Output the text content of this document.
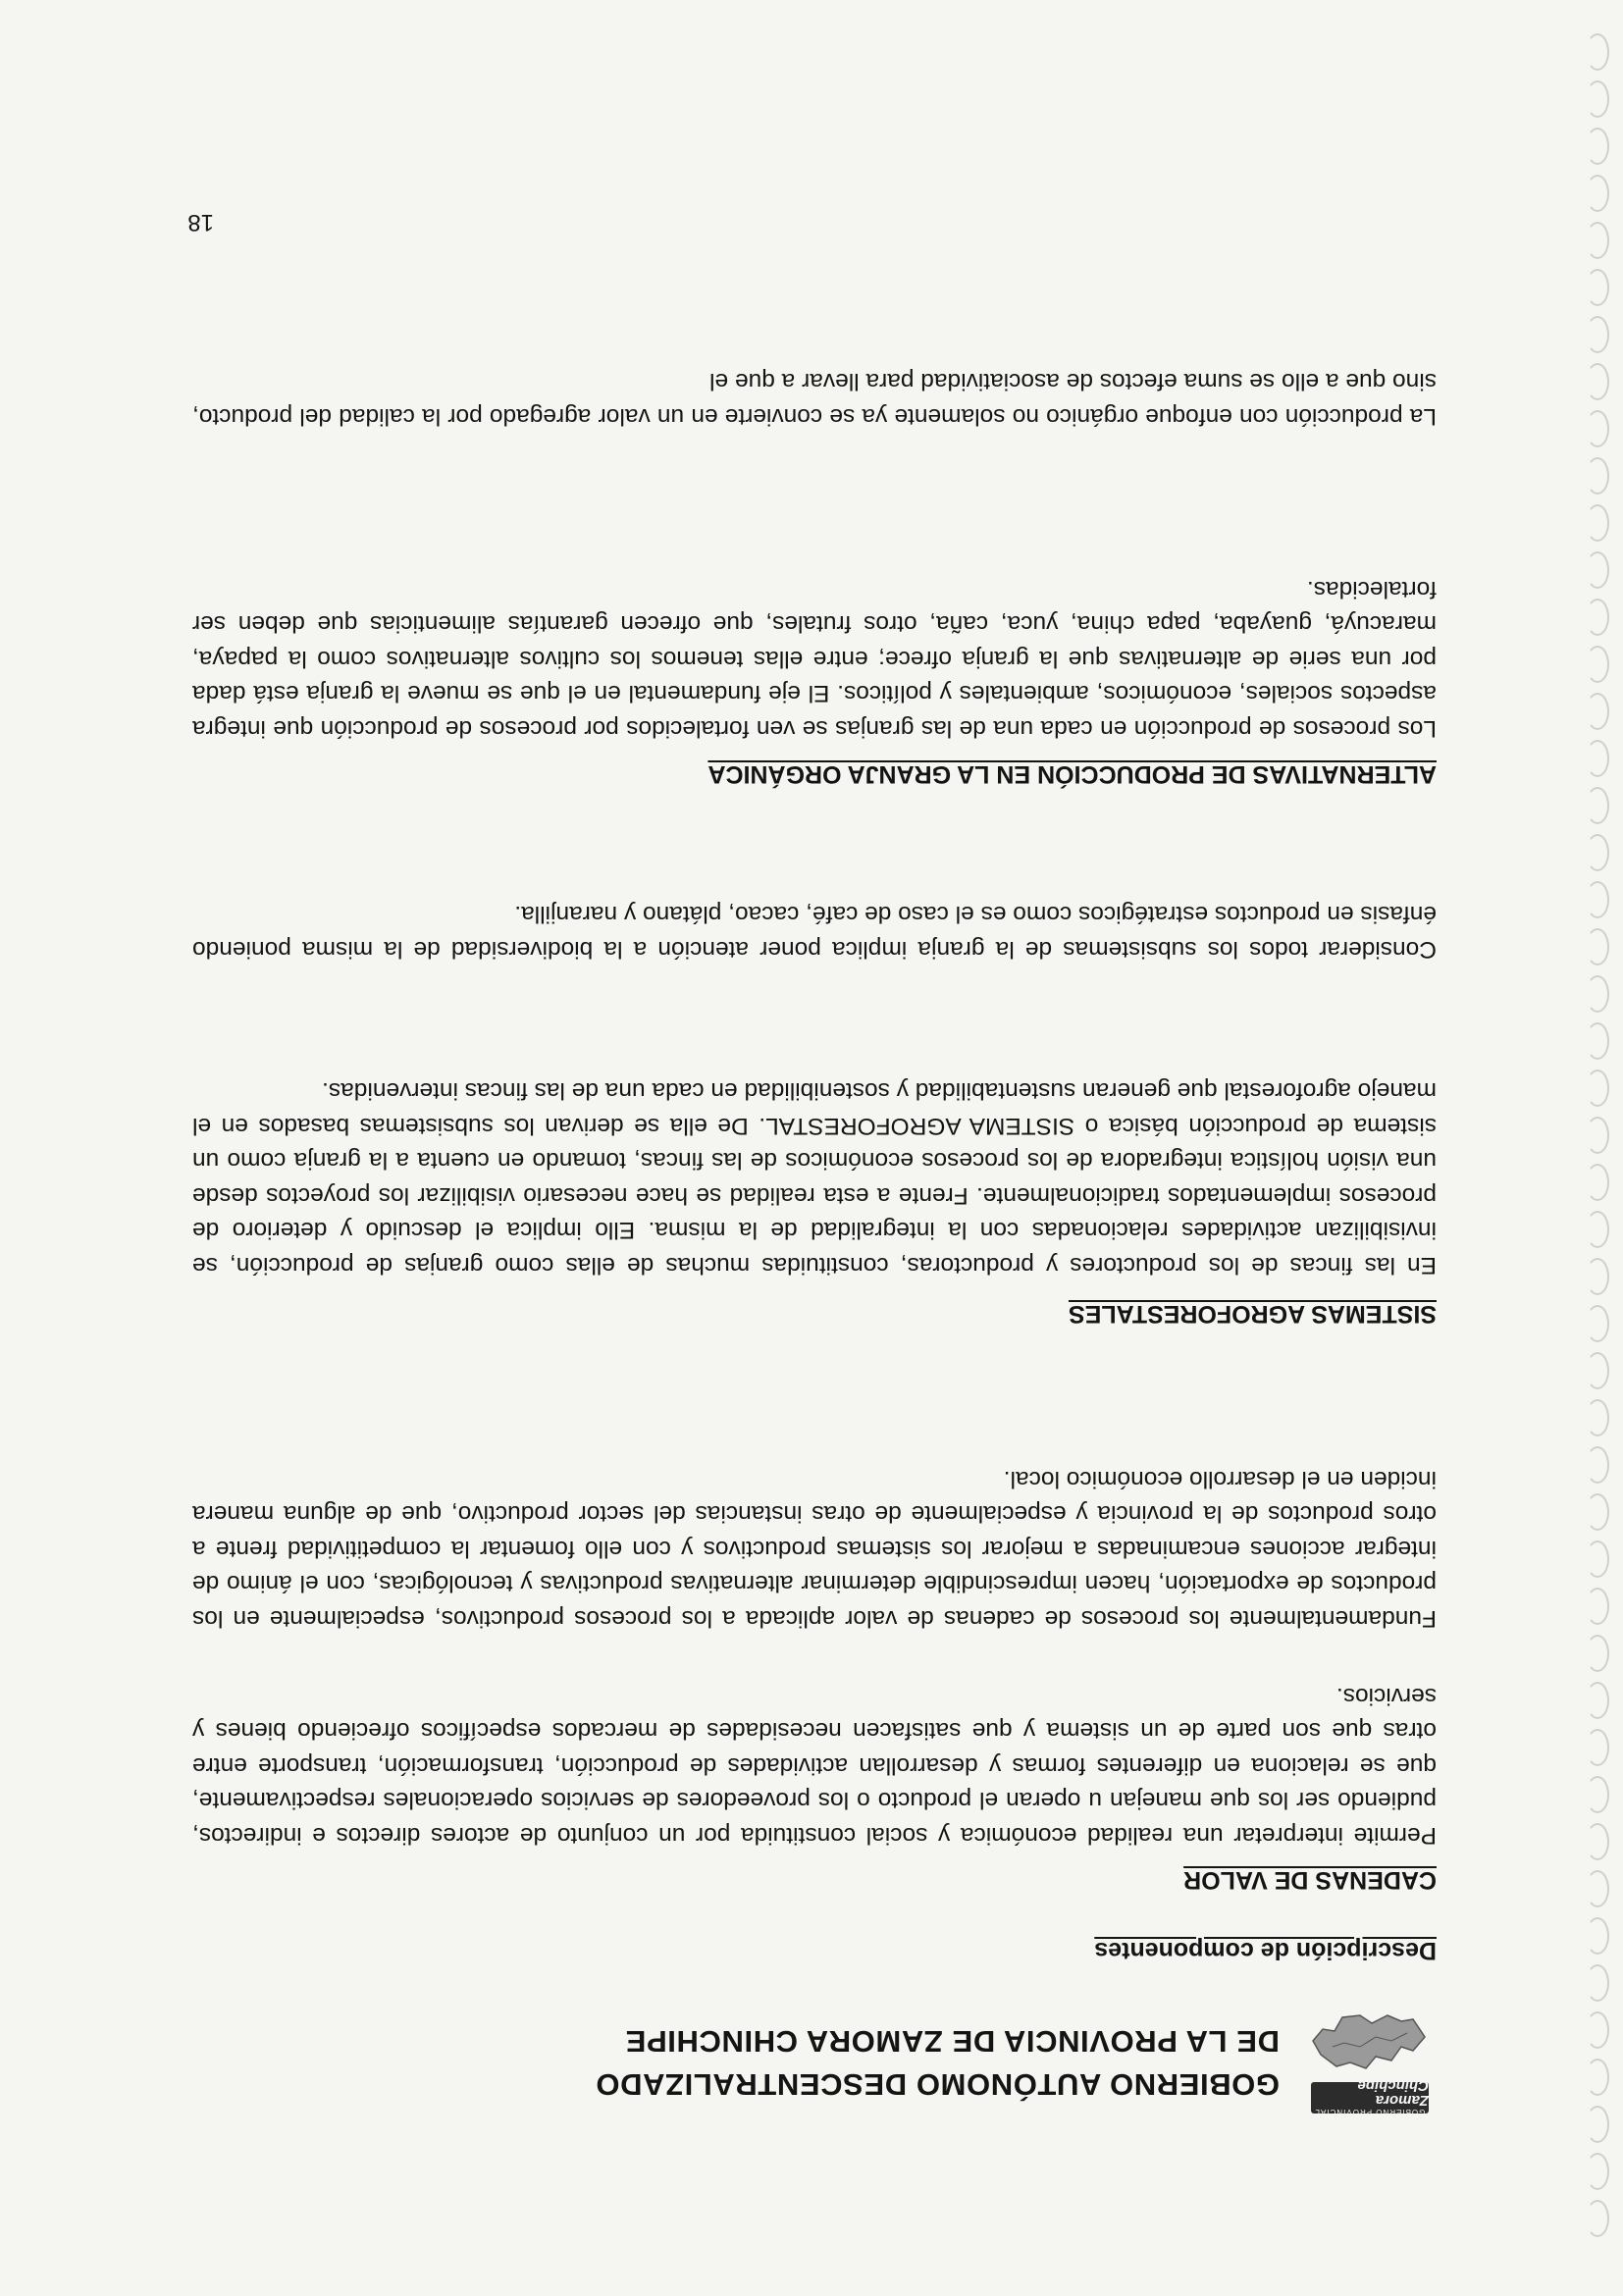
GOBIERNO PROVINCIAL
Zamora Chinchipe
GOBIERNO AUTÓNOMO DESCENTRALIZADO
DE LA PROVINCIA DE ZAMORA CHINCHIPE
Descripción de componentes
CADENAS DE VALOR

Permite interpretar una realidad económica y social constituida por un conjunto de actores directos e indirectos, pudiendo ser los que manejan u operan el producto o los proveedores de servicios operacionales respectivamente, que se relaciona en diferentes formas y desarrollan actividades de producción, transformación, transporte entre otras que son parte de un sistema y que satisfacen necesidades de mercados específicos ofreciendo bienes y servicios.

Fundamentalmente los procesos de cadenas de valor aplicada a los procesos productivos, especialmente en los productos de exportación, hacen imprescindible determinar alternativas productivas y tecnológicas, con el ánimo de integrar acciones encaminadas a mejorar los sistemas productivos y con ello fomentar la competitividad frente a otros productos de la provincia y especialmente de otras instancias del sector productivo, que de alguna manera inciden en el desarrollo económico local.

SISTEMAS AGROFORESTALES

En las fincas de los productores y productoras, constituidas muchas de ellas como granjas de producción, se invisibilizan actividades relacionadas con la integralidad de la misma. Ello implica el descuido y deterioro de procesos implementados tradicionalmente. Frente a esta realidad se hace necesario visibilizar los proyectos desde una visión holística integradora de los procesos económicos de las fincas, tomando en cuenta a la granja como un sistema de producción básica o SISTEMA AGROFORESTAL. De ella se derivan los subsistemas basados en el manejo agroforestal que generan sustentabilidad y sostenibilidad en cada una de las fincas intervenidas.

Considerar todos los subsistemas de la granja implica poner atención a la biodiversidad de la misma poniendo énfasis en productos estratégicos como es el caso de café, cacao, plátano y naranjilla.

ALTERNATIVAS DE PRODUCCIÓN EN LA GRANJA ORGÁNICA

Los procesos de producción en cada una de las granjas se ven fortalecidos por procesos de producción que integra aspectos sociales, económicos, ambientales y políticos. El eje fundamental en el que se mueve la granja está dada por una serie de alternativas que la granja ofrece; entre ellas tenemos los cultivos alternativos como la papaya, maracuyá, guayaba, papa china, yuca, caña, otros frutales, que ofrecen garantías alimenticias que deben ser fortalecidas.

La producción con enfoque orgánico no solamente ya se convierte en un valor agregado por la calidad del producto, sino que a ello se suma efectos de asociatividad para llevar a que el

18
